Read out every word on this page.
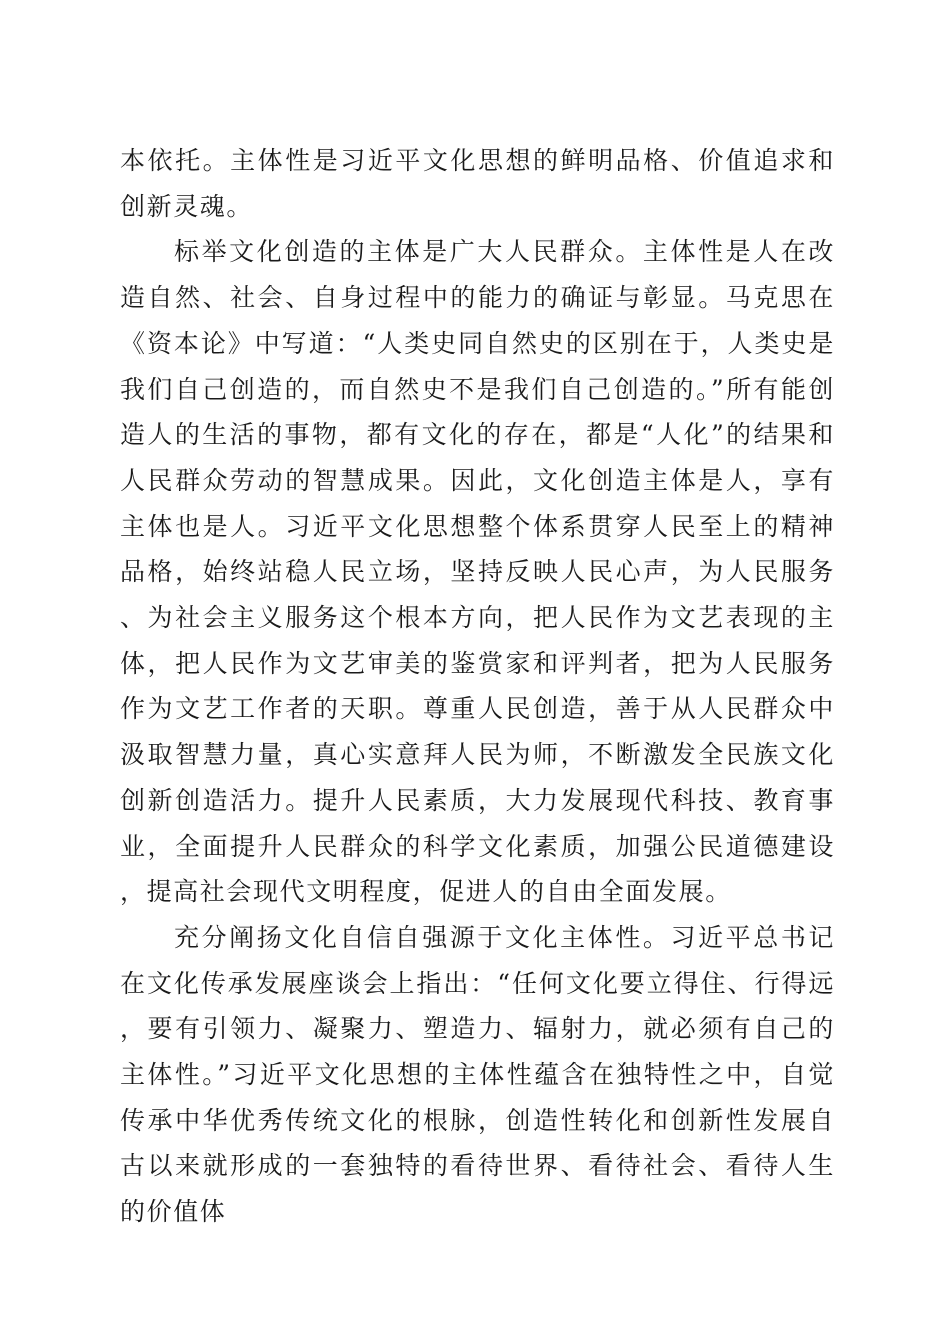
本依托。主体性是习近平文化思想的鲜明品格、价值追求和创新灵魂。

标举文化创造的主体是广大人民群众。主体性是人在改造自然、社会、自身过程中的能力的确证与彰显。马克思在《资本论》中写道：“人类史同自然史的区别在于，人类史是我们自己创造的，而自然史不是我们自己创造的。”所有能创造人的生活的事物，都有文化的存在，都是“人化”的结果和人民群众劳动的智慧成果。因此，文化创造主体是人，享有主体也是人。习近平文化思想整个体系贯穿人民至上的精神品格，始终站稳人民立场，坚持反映人民心声，为人民服务、为社会主义服务这个根本方向，把人民作为文艺表现的主体，把人民作为文艺审美的鉴赏家和评判者，把为人民服务作为文艺工作者的天职。尊重人民创造，善于从人民群众中汲取智慧力量，真心实意拜人民为师，不断激发全民族文化创新创造活力。提升人民素质，大力发展现代科技、教育事业，全面提升人民群众的科学文化素质，加强公民道德建设，提高社会现代文明程度，促进人的自由全面发展。

充分阐扬文化自信自强源于文化主体性。习近平总书记在文化传承发展座谈会上指出：“任何文化要立得住、行得远，要有引领力、凝聚力、塑造力、辐射力，就必须有自己的主体性。”习近平文化思想的主体性蕴含在独特性之中，自觉传承中华优秀传统文化的根脉，创造性转化和创新性发展自古以来就形成的一套独特的看待世界、看待社会、看待人生的价值体
